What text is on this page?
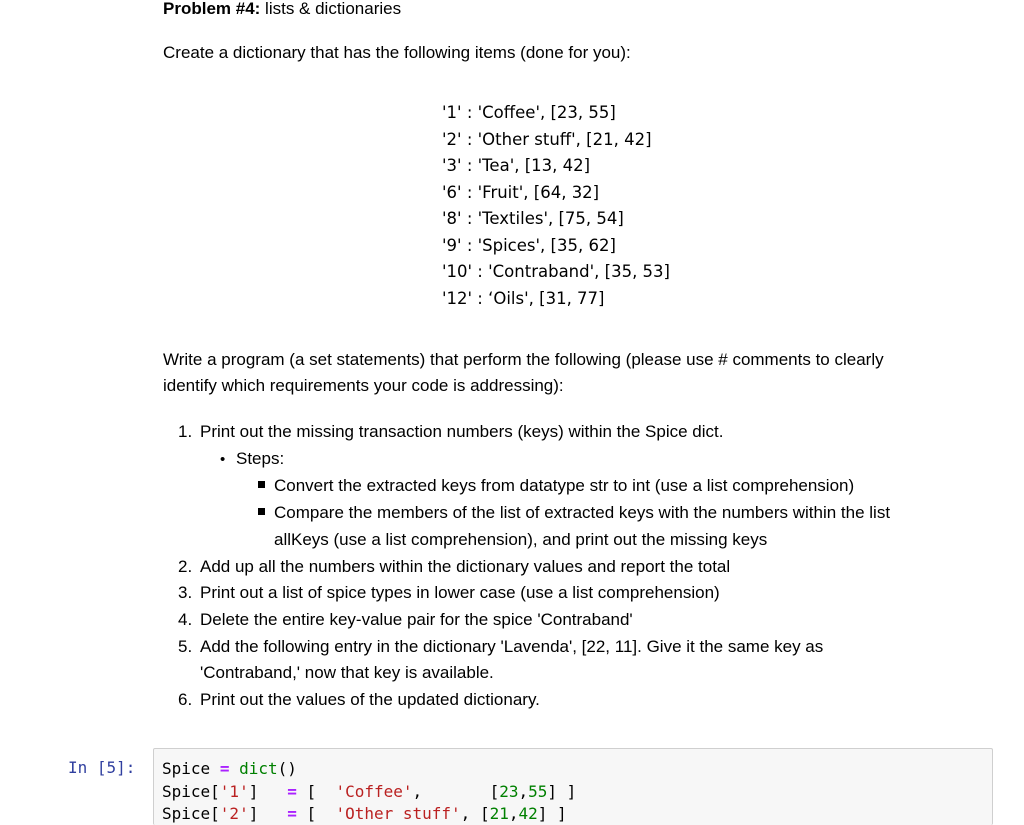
Problem #4: lists & dictionaries
Create a dictionary that has the following items (done for you):
'1' : 'Coffee', [23, 55]
'2' : 'Other stuff', [21, 42]
'3' : 'Tea', [13, 42]
'6' : 'Fruit', [64, 32]
'8' : 'Textiles', [75, 54]
'9' : 'Spices', [35, 62]
'10' : 'Contraband', [35, 53]
'12' : ‘Oils', [31, 77]
Write a program (a set statements) that perform the following (please use # comments to clearly
identify which requirements your code is addressing):
1. Print out the missing transaction numbers (keys) within the Spice dict.
• Steps:
Convert the extracted keys from datatype str to int (use a list comprehension)
Compare the members of the list of extracted keys with the numbers within the list
allKeys (use a list comprehension), and print out the missing keys
2. Add up all the numbers within the dictionary values and report the total
3. Print out a list of spice types in lower case (use a list comprehension)
4. Delete the entire key-value pair for the spice 'Contraband'
5. Add the following entry in the dictionary 'Lavenda', [22, 11]. Give it the same key as
'Contraband,' now that key is available.
6. Print out the values of the updated dictionary.
In [5]: Spice = dict()
Spice['1'] = [ 'Coffee',	[23,55] ]
Spice['2'] = [ 'Other stuff', [21,42] ]
